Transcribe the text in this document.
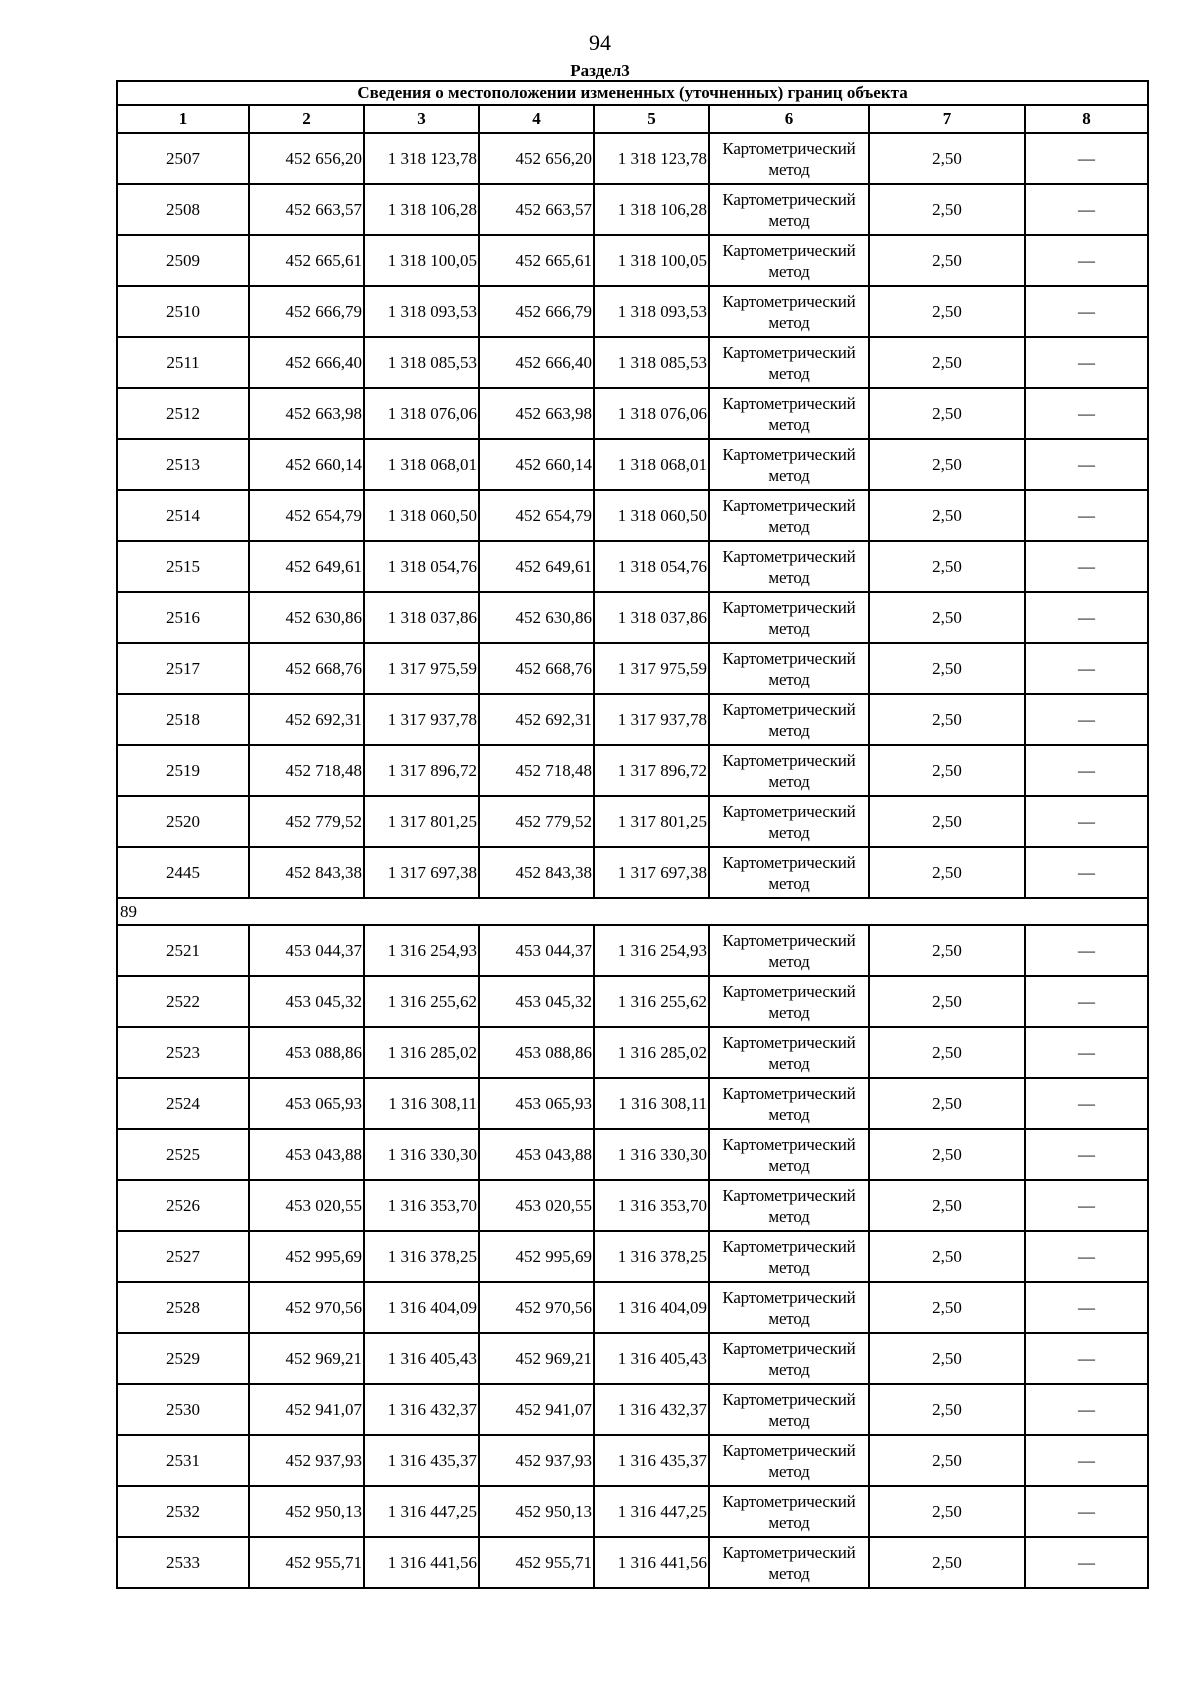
94
Раздел3
Сведения о местоположении измененных (уточненных) границ объекта							
1	2	3	4	5	6	7	8
2507	452 656,20	1 318 123,78	452 656,20	1 318 123,78	Картометрический метод	2,50	—
2508	452 663,57	1 318 106,28	452 663,57	1 318 106,28	Картометрический метод	2,50	—
2509	452 665,61	1 318 100,05	452 665,61	1 318 100,05	Картометрический метод	2,50	—
2510	452 666,79	1 318 093,53	452 666,79	1 318 093,53	Картометрический метод	2,50	—
2511	452 666,40	1 318 085,53	452 666,40	1 318 085,53	Картометрический метод	2,50	—
2512	452 663,98	1 318 076,06	452 663,98	1 318 076,06	Картометрический метод	2,50	—
2513	452 660,14	1 318 068,01	452 660,14	1 318 068,01	Картометрический метод	2,50	—
2514	452 654,79	1 318 060,50	452 654,79	1 318 060,50	Картометрический метод	2,50	—
2515	452 649,61	1 318 054,76	452 649,61	1 318 054,76	Картометрический метод	2,50	—
2516	452 630,86	1 318 037,86	452 630,86	1 318 037,86	Картометрический метод	2,50	—
2517	452 668,76	1 317 975,59	452 668,76	1 317 975,59	Картометрический метод	2,50	—
2518	452 692,31	1 317 937,78	452 692,31	1 317 937,78	Картометрический метод	2,50	—
2519	452 718,48	1 317 896,72	452 718,48	1 317 896,72	Картометрический метод	2,50	—
2520	452 779,52	1 317 801,25	452 779,52	1 317 801,25	Картометрический метод	2,50	—
2445	452 843,38	1 317 697,38	452 843,38	1 317 697,38	Картометрический метод	2,50	—
89							
2521	453 044,37	1 316 254,93	453 044,37	1 316 254,93	Картометрический метод	2,50	—
2522	453 045,32	1 316 255,62	453 045,32	1 316 255,62	Картометрический метод	2,50	—
2523	453 088,86	1 316 285,02	453 088,86	1 316 285,02	Картометрический метод	2,50	—
2524	453 065,93	1 316 308,11	453 065,93	1 316 308,11	Картометрический метод	2,50	—
2525	453 043,88	1 316 330,30	453 043,88	1 316 330,30	Картометрический метод	2,50	—
2526	453 020,55	1 316 353,70	453 020,55	1 316 353,70	Картометрический метод	2,50	—
2527	452 995,69	1 316 378,25	452 995,69	1 316 378,25	Картометрический метод	2,50	—
2528	452 970,56	1 316 404,09	452 970,56	1 316 404,09	Картометрический метод	2,50	—
2529	452 969,21	1 316 405,43	452 969,21	1 316 405,43	Картометрический метод	2,50	—
2530	452 941,07	1 316 432,37	452 941,07	1 316 432,37	Картометрический метод	2,50	—
2531	452 937,93	1 316 435,37	452 937,93	1 316 435,37	Картометрический метод	2,50	—
2532	452 950,13	1 316 447,25	452 950,13	1 316 447,25	Картометрический метод	2,50	—
2533	452 955,71	1 316 441,56	452 955,71	1 316 441,56	Картометрический метод	2,50	—
